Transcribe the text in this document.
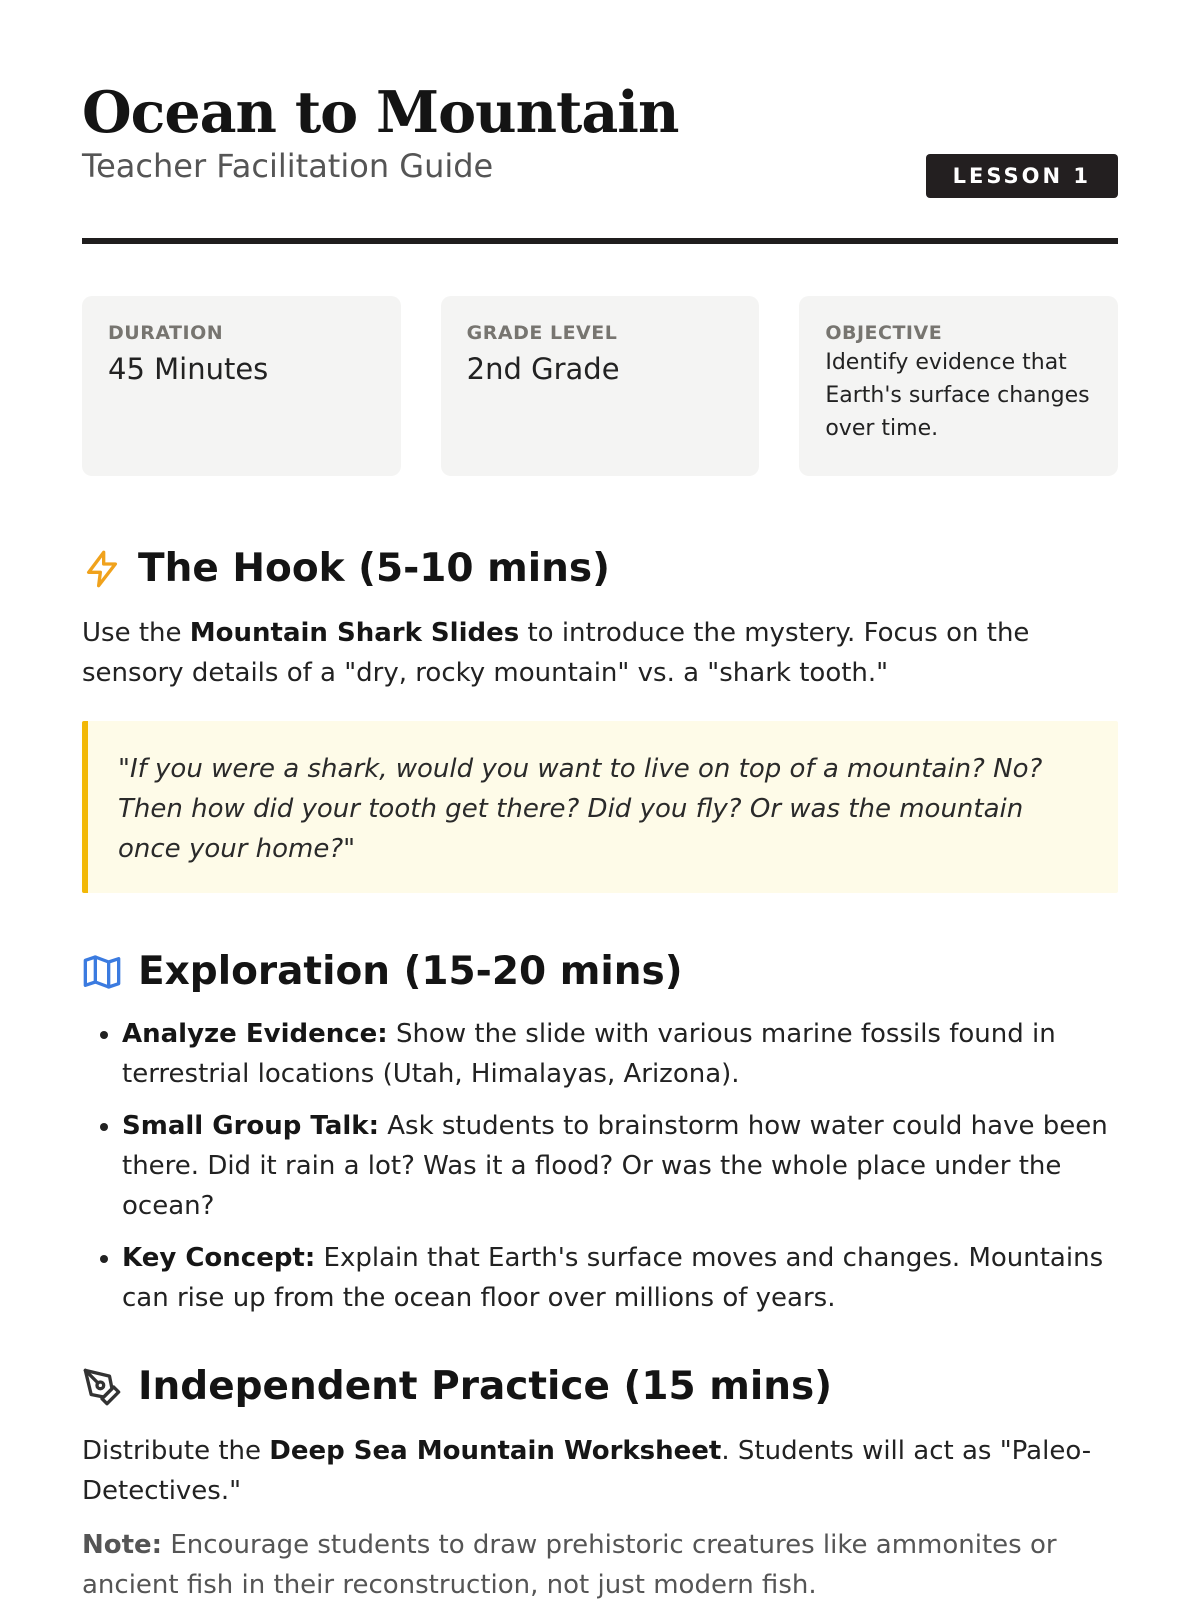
Ocean to Mountain
Teacher Facilitation Guide	LESSON 1
DURATION
45 Minutes
GRADE LEVEL
2nd Grade
OBJECTIVE
Identify evidence that Earth's surface changes over time.
The Hook (5-10 mins)

Use the Mountain Shark Slides to introduce the mystery. Focus on the sensory details of a "dry, rocky mountain" vs. a "shark tooth."

"If you were a shark, would you want to live on top of a mountain? No? Then how did your tooth get there? Did you fly? Or was the mountain once your home?"
Exploration (15-20 mins)
• Analyze Evidence: Show the slide with various marine fossils found in terrestrial locations (Utah, Himalayas, Arizona).
• Small Group Talk: Ask students to brainstorm how water could have been there. Did it rain a lot? Was it a flood? Or was the whole place under the ocean?
• Key Concept: Explain that Earth's surface moves and changes. Mountains can rise up from the ocean floor over millions of years.
Independent Practice (15 mins)

Distribute the Deep Sea Mountain Worksheet. Students will act as "Paleo-Detectives."

Note: Encourage students to draw prehistoric creatures like ammonites or ancient fish in their reconstruction, not just modern fish.
